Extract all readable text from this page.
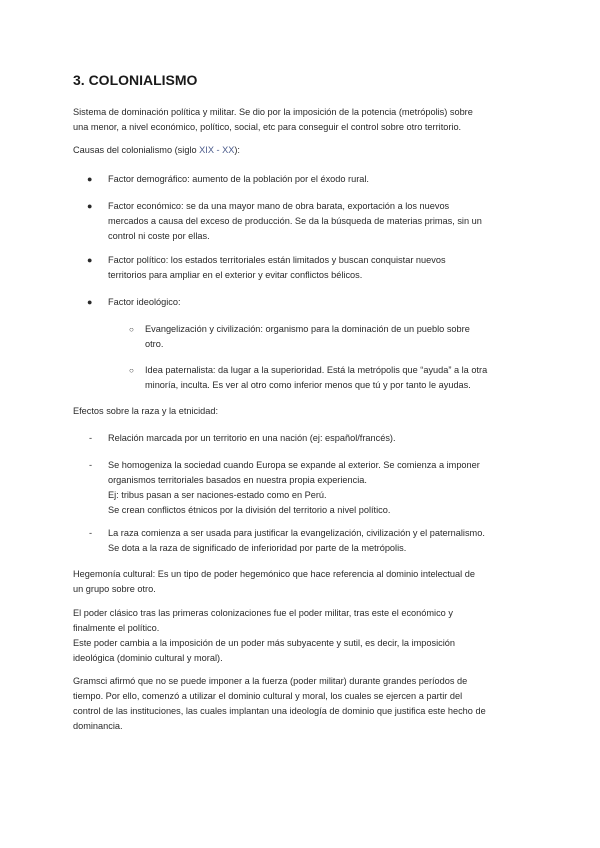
3. COLONIALISMO

Sistema de dominación política y militar. Se dio por la imposición de la potencia (metrópolis) sobre
una menor, a nivel económico, político, social, etc para conseguir el control sobre otro territorio.

Causas del colonialismo (siglo XIX - XX):

● Factor demográfico: aumento de la población por el éxodo rural.
● Factor económico: se da una mayor mano de obra barata, exportación a los nuevos
mercados a causa del exceso de producción. Se da la búsqueda de materias primas, sin un
control ni coste por ellas.
● Factor político: los estados territoriales están limitados y buscan conquistar nuevos
territorios para ampliar en el exterior y evitar conflictos bélicos.
● Factor ideológico:
○ Evangelización y civilización: organismo para la dominación de un pueblo sobre
otro.
○ Idea paternalista: da lugar a la superioridad. Está la metrópolis que “ayuda” a la otra
minoría, inculta. Es ver al otro como inferior menos que tú y por tanto le ayudas.

Efectos sobre la raza y la etnicidad:

- Relación marcada por un territorio en una nación (ej: español/francés).
- Se homogeniza la sociedad cuando Europa se expande al exterior. Se comienza a imponer
organismos territoriales basados en nuestra propia experiencia.
Ej: tribus pasan a ser naciones-estado como en Perú.
Se crean conflictos étnicos por la división del territorio a nivel político.
- La raza comienza a ser usada para justificar la evangelización, civilización y el paternalismo.
Se dota a la raza de significado de inferioridad por parte de la metrópolis.

Hegemonía cultural: Es un tipo de poder hegemónico que hace referencia al dominio intelectual de
un grupo sobre otro.

El poder clásico tras las primeras colonizaciones fue el poder militar, tras este el económico y
finalmente el político.
Este poder cambia a la imposición de un poder más subyacente y sutil, es decir, la imposición
ideológica (dominio cultural y moral).

Gramsci afirmó que no se puede imponer a la fuerza (poder militar) durante grandes períodos de
tiempo. Por ello, comenzó a utilizar el dominio cultural y moral, los cuales se ejercen a partir del
control de las instituciones, las cuales implantan una ideología de dominio que justifica este hecho de
dominancia.
